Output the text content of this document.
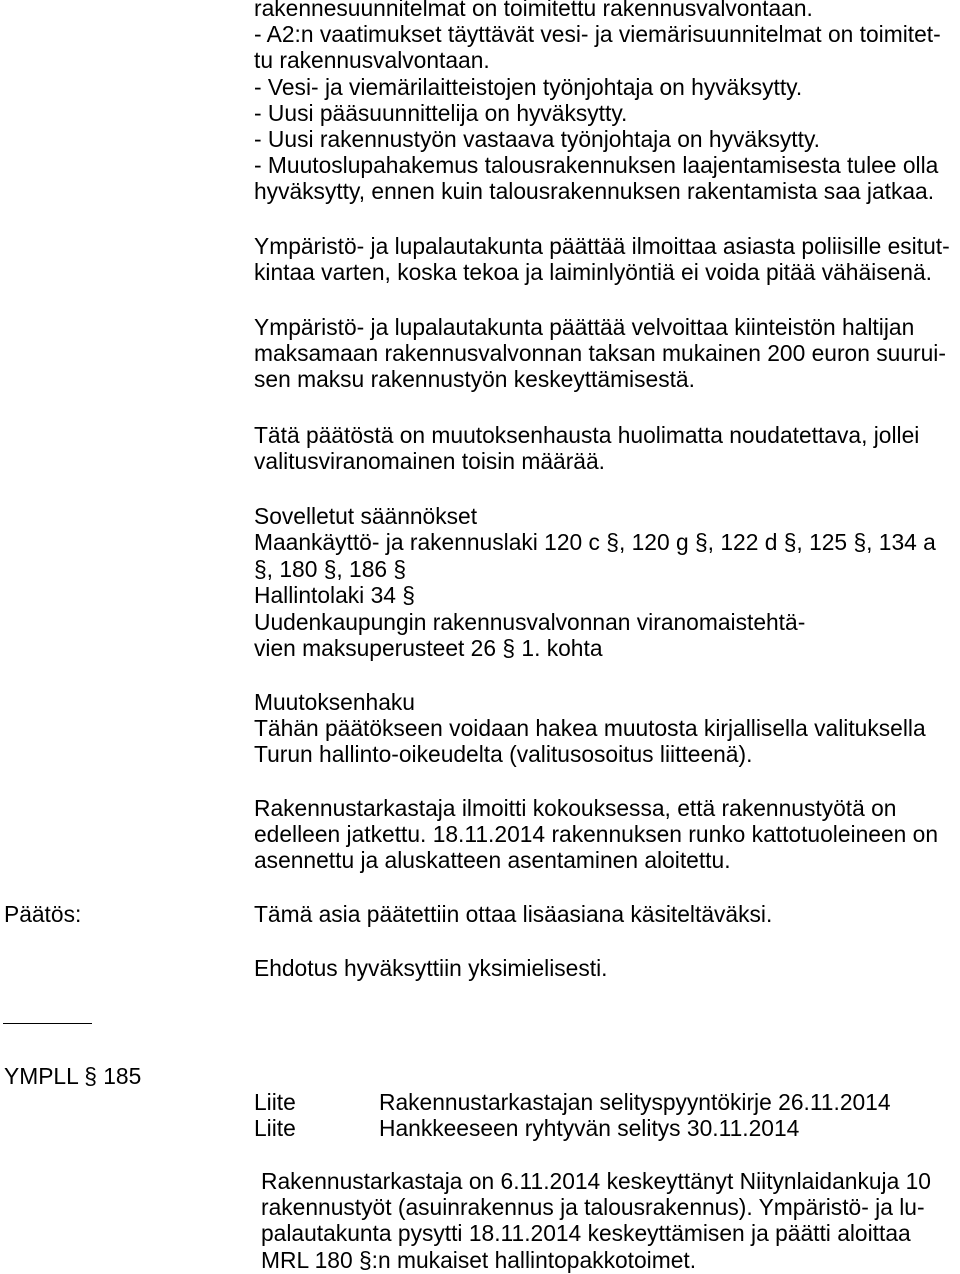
rakennesuunnitelmat on toimitettu rakennusvalvontaan.
- A2:n vaatimukset täyttävät vesi- ja viemärisuunnitelmat on toimitet-
tu rakennusvalvontaan.
- Vesi- ja viemärilaitteistojen työnjohtaja on hyväksytty.
- Uusi pääsuunnittelija on hyväksytty.
- Uusi rakennustyön vastaava työnjohtaja on hyväksytty.
- Muutoslupahakemus talousrakennuksen laajentamisesta tulee olla
hyväksytty, ennen kuin talousrakennuksen rakentamista saa jatkaa.
Ympäristö- ja lupalautakunta päättää ilmoittaa asiasta poliisille esitut-
kintaa varten, koska tekoa ja laiminlyöntiä ei voida pitää vähäisenä.
Ympäristö- ja lupalautakunta päättää velvoittaa kiinteistön haltijan
maksamaan rakennusvalvonnan taksan mukainen 200 euron suurui-
sen maksu rakennustyön keskeyttämisestä.
Tätä päätöstä on muutoksenhausta huolimatta noudatettava, jollei
valitusviranomainen toisin määrää.
Sovelletut säännökset
Maankäyttö- ja rakennuslaki 120 c §, 120 g §, 122 d §, 125 §, 134 a
§, 180 §, 186 §
Hallintolaki 34 §
Uudenkaupungin rakennusvalvonnan viranomaistehtä-
vien maksuperusteet 26 § 1. kohta
Muutoksenhaku
Tähän päätökseen voidaan hakea muutosta kirjallisella valituksella
Turun hallinto-oikeudelta (valitusosoitus liitteenä).
Rakennustarkastaja ilmoitti kokouksessa, että rakennustyötä on
edelleen jatkettu. 18.11.2014 rakennuksen runko kattotuoleineen on
asennettu ja aluskatteen asentaminen aloitettu.
Päätös:	Tämä asia päätettiin ottaa lisäasiana käsiteltäväksi.
Ehdotus hyväksyttiin yksimielisesti.
YMPLL § 185
Liite	Rakennustarkastajan selityspyyntökirje 26.11.2014
Liite	Hankkeeseen ryhtyvän selitys 30.11.2014
Rakennustarkastaja on 6.11.2014 keskeyttänyt Niitynlaidankuja 10
rakennustyöt (asuinrakennus ja talousrakennus). Ympäristö- ja lu-
palautakunta pysytti 18.11.2014 keskeyttämisen ja päätti aloittaa
MRL 180 §:n mukaiset hallintopakkotoimet.
